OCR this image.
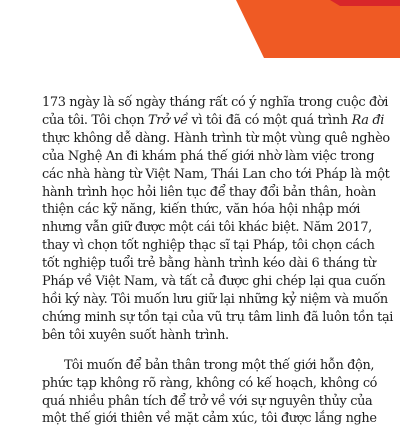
173 ngày là số ngày tháng rất có ý nghĩa trong cuộc đời
của tôi. Tôi chọn Trở về vì tôi đã có một quá trình Ra đi
thực không dễ dàng. Hành trình từ một vùng quê nghèo
của Nghệ An đi khám phá thế giới nhờ làm việc trong
các nhà hàng từ Việt Nam, Thái Lan cho tới Pháp là một
hành trình học hỏi liên tục để thay đổi bản thân, hoàn
thiện các kỹ năng, kiến thức, văn hóa hội nhập mới
nhưng vẫn giữ được một cái tôi khác biệt. Năm 2017,
thay vì chọn tốt nghiệp thạc sĩ tại Pháp, tôi chọn cách
tốt nghiệp tuổi trẻ bằng hành trình kéo dài 6 tháng từ
Pháp về Việt Nam, và tất cả được ghi chép lại qua cuốn
hồi ký này. Tôi muốn lưu giữ lại những kỷ niệm và muốn
chứng minh sự tồn tại của vũ trụ tâm linh đã luôn tồn tại
bên tôi xuyên suốt hành trình.
Tôi muốn để bản thân trong một thế giới hỗn độn,
phức tạp không rõ ràng, không có kế hoạch, không có
quá nhiều phân tích để trở về với sự nguyên thủy của
một thế giới thiên về mặt cảm xúc, tôi được lắng nghe
